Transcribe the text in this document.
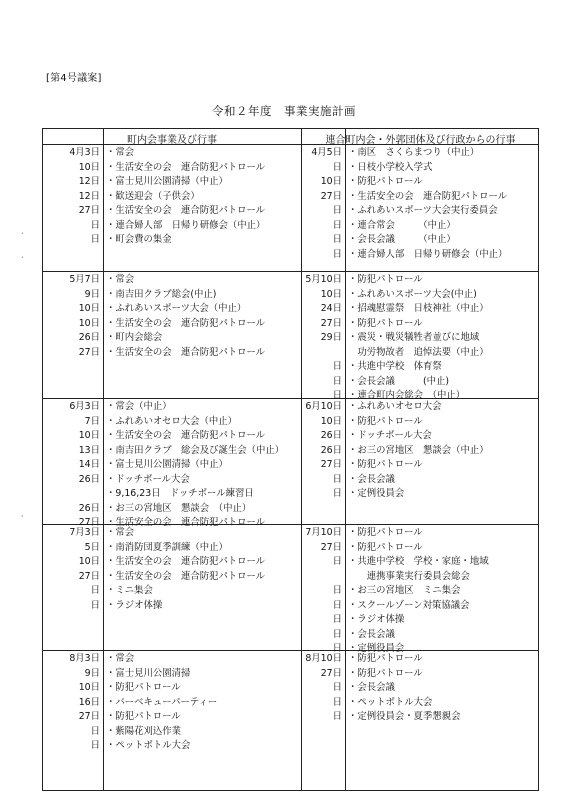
[第4号議案]
令和２年度　事業実施計画
´
´
´
町内会事業及び行事	連合町内会・外郭団体及び行政からの行事
4月3日 ・常会
10日 ・生活安全の会　連合防犯パトロール
12日 ・富士見川公園清掃（中止）
12日 ・歓送迎会（子供会）
27日 ・生活安全の会　連合防犯パトロール
日 ・連合婦人部　日帰り研修会（中止）
日 ・町会費の集金
5月7日 ・常会
9日 ・南吉田クラブ総会(中止)
10日 ・ふれあいスポーツ大会（中止）
10日 ・生活安全の会　連合防犯パトロール
26日 ・町内会総会
27日 ・生活安全の会　連合防犯パトロール
6月3日 ・常会（中止）
7日 ・ふれあいオセロ大会（中止）
10日 ・生活安全の会　連合防犯パトロール
13日 ・南吉田クラブ　総会及び誕生会（中止）
14日 ・富士見川公園清掃（中止）
26日 ・ドッチボール大会
・9,16,23日　ドッチボール練習日
26日 ・お三の宮地区　懇談会　（中止）
27日 ・生活安全の会　連合防犯パトロール
7月3日 ・常会
5日 ・南消防団夏季訓練（中止）
10日 ・生活安全の会　連合防犯パトロール
27日 ・生活安全の会　連合防犯パトロール
日 ・ミニ集会
日 ・ラジオ体操
8月3日 ・常会
9日 ・富士見川公園清掃
10日 ・防犯パトロール
16日 ・バーベキューパーティー
27日 ・防犯パトロール
日 ・紫陽花刈込作業
日 ・ペットボトル大会
4月5日 ・南区　さくらまつり（中止）
日 ・日枝小学校入学式
10日 ・防犯パトロール
27日 ・生活安全の会　連合防犯パトロール
日 ・ふれあいスポーツ大会実行委員会
日 ・連合常会　　　（中止）
日 ・会長会議　　　（中止）
日 ・連合婦人部　日帰り研修会（中止）
5月10日 ・防犯パトロール
10日 ・ふれあいスポーツ大会(中止)
24日 ・招魂慰霊祭　日枝神社（中止）
27日 ・防犯パトロール
29日 ・震災・戦災犠牲者並びに地域
　功労物故者　追悼法要（中止）
日 ・共進中学校　体育祭
日 ・会長会議　　　(中止)
日 ・連合町内会総会　（中止）
6月10日 ・ふれあいオセロ大会
10日 ・防犯パトロール
26日 ・ドッチボール大会
26日 ・お三の宮地区　懇談会（中止）
27日 ・防犯パトロール
日 ・会長会議
日 ・定例役員会
7月10日 ・防犯パトロール
27日 ・防犯パトロール
日 ・共進中学校　学校・家庭・地域
　　連携事業実行委員会総会
日 ・お三の宮地区　ミニ集会
日 ・スクールゾーン対策協議会
日 ・ラジオ体操
日 ・会長会議
日 ・定例役員会
8月10日 ・防犯パトロール
27日 ・防犯パトロール
日 ・会長会議
日 ・ペットボトル大会
日 ・定例役員会・夏季懇親会
